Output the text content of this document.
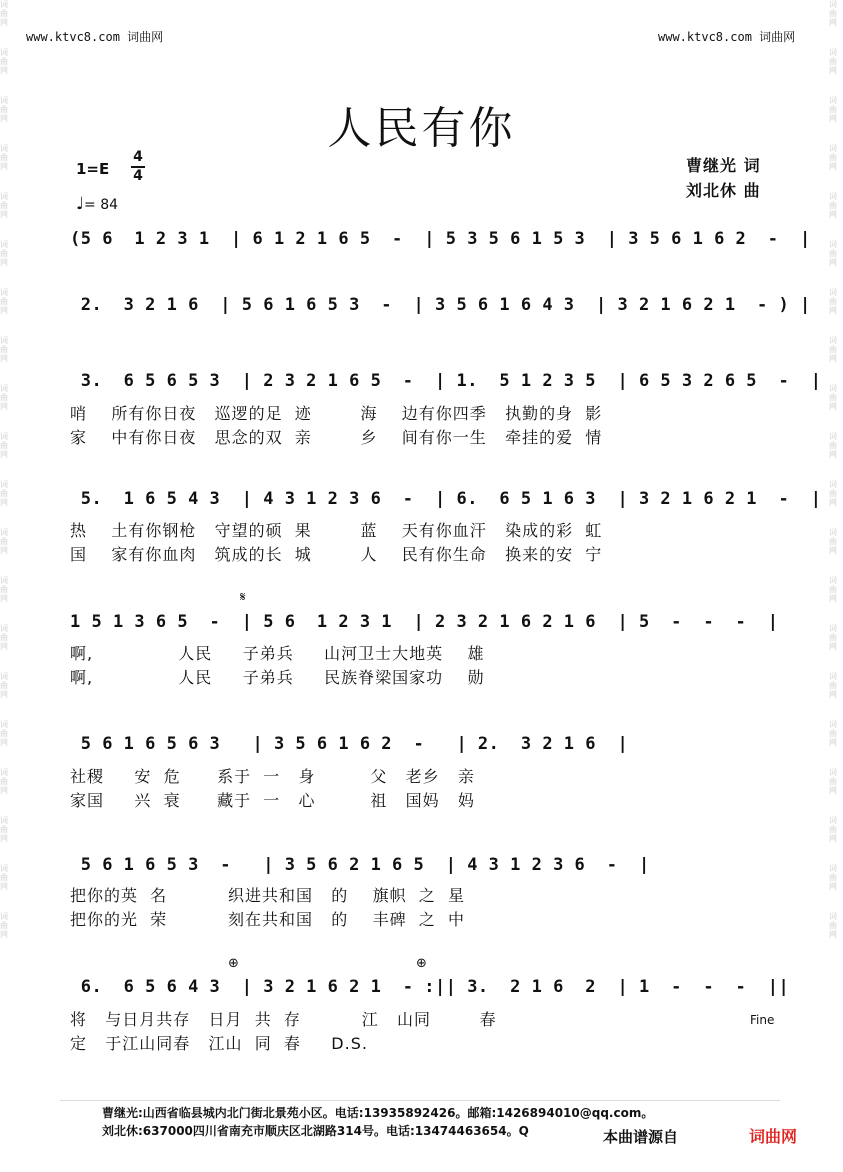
词曲网
词曲网
词曲网
词曲网
词曲网
词曲网
词曲网
词曲网
词曲网
词曲网
词曲网
词曲网
词曲网
词曲网
词曲网
词曲网
词曲网
词曲网
词曲网
词曲网
词曲网
词曲网
词曲网
词曲网
词曲网
词曲网
词曲网
词曲网
词曲网
词曲网
词曲网
词曲网
词曲网
词曲网
词曲网
词曲网
词曲网
词曲网
词曲网
词曲网
www.ktvc8.com 词曲网	www.ktvc8.com 词曲网
人民有你
1=E
4
4
♩= 84
曹继光 词
刘北休 曲
(5 6  1 2 3 1  | 6 1 2 1 6 5  -  | 5 3 5 6 1 5 3  | 3 5 6 1 6 2  -  |
2.  3 2 1 6  | 5 6 1 6 5 3  -  | 3 5 6 1 6 4 3  | 3 2 1 6 2 1  - ) |
3.  6 5 6 5 3  | 2 3 2 1 6 5  -  | 1.  5 1 2 3 5  | 6 5 3 2 6 5  -  |
哨    所有你日夜   巡逻的足  迹        海    边有你四季   执勤的身  影
家    中有你日夜   思念的双  亲        乡    间有你一生   牵挂的爱  情
5.  1 6 5 4 3  | 4 3 1 2 3 6  -  | 6.  6 5 1 6 3  | 3 2 1 6 2 1  -  |
热    土有你钢枪   守望的硕  果        蓝    天有你血汗   染成的彩  虹
国    家有你血肉   筑成的长  城        人    民有你生命   换来的安  宁
𝄋
1 5 1 3 6 5  -  | 5 6  1 2 3 1  | 2 3 2 1 6 2 1 6  | 5  -  -  -  |
啊,              人民     子弟兵     山河卫士大地英    雄
啊,              人民     子弟兵     民族脊梁国家功    勋
5 6 1 6 5 6 3   | 3 5 6 1 6 2  -   | 2.  3 2 1 6  |
社稷     安  危      系于  一   身         父   老乡   亲
家国     兴  衰      藏于  一   心         祖   国妈   妈
5 6 1 6 5 3  -   | 3 5 6 2 1 6 5  | 4 3 1 2 3 6  -  |
把你的英  名          织进共和国   的    旗帜  之  星
把你的光  荣          刻在共和国   的    丰碑  之  中
⊕	⊕
6.  6 5 6 4 3  | 3 2 1 6 2 1  - :|| 3.  2 1 6  2  | 1  -  -  -  ||
将   与日月共存   日月  共  存          江   山同        春
定   于江山同春   江山  同  春     D.S.
Fine
曹继光:山西省临县城内北门街北景苑小区。电话:13935892426。邮箱:1426894010@qq.com。
刘北休:637000四川省南充市顺庆区北湖路314号。电话:13474463654。Q	本曲谱源自	词曲网
